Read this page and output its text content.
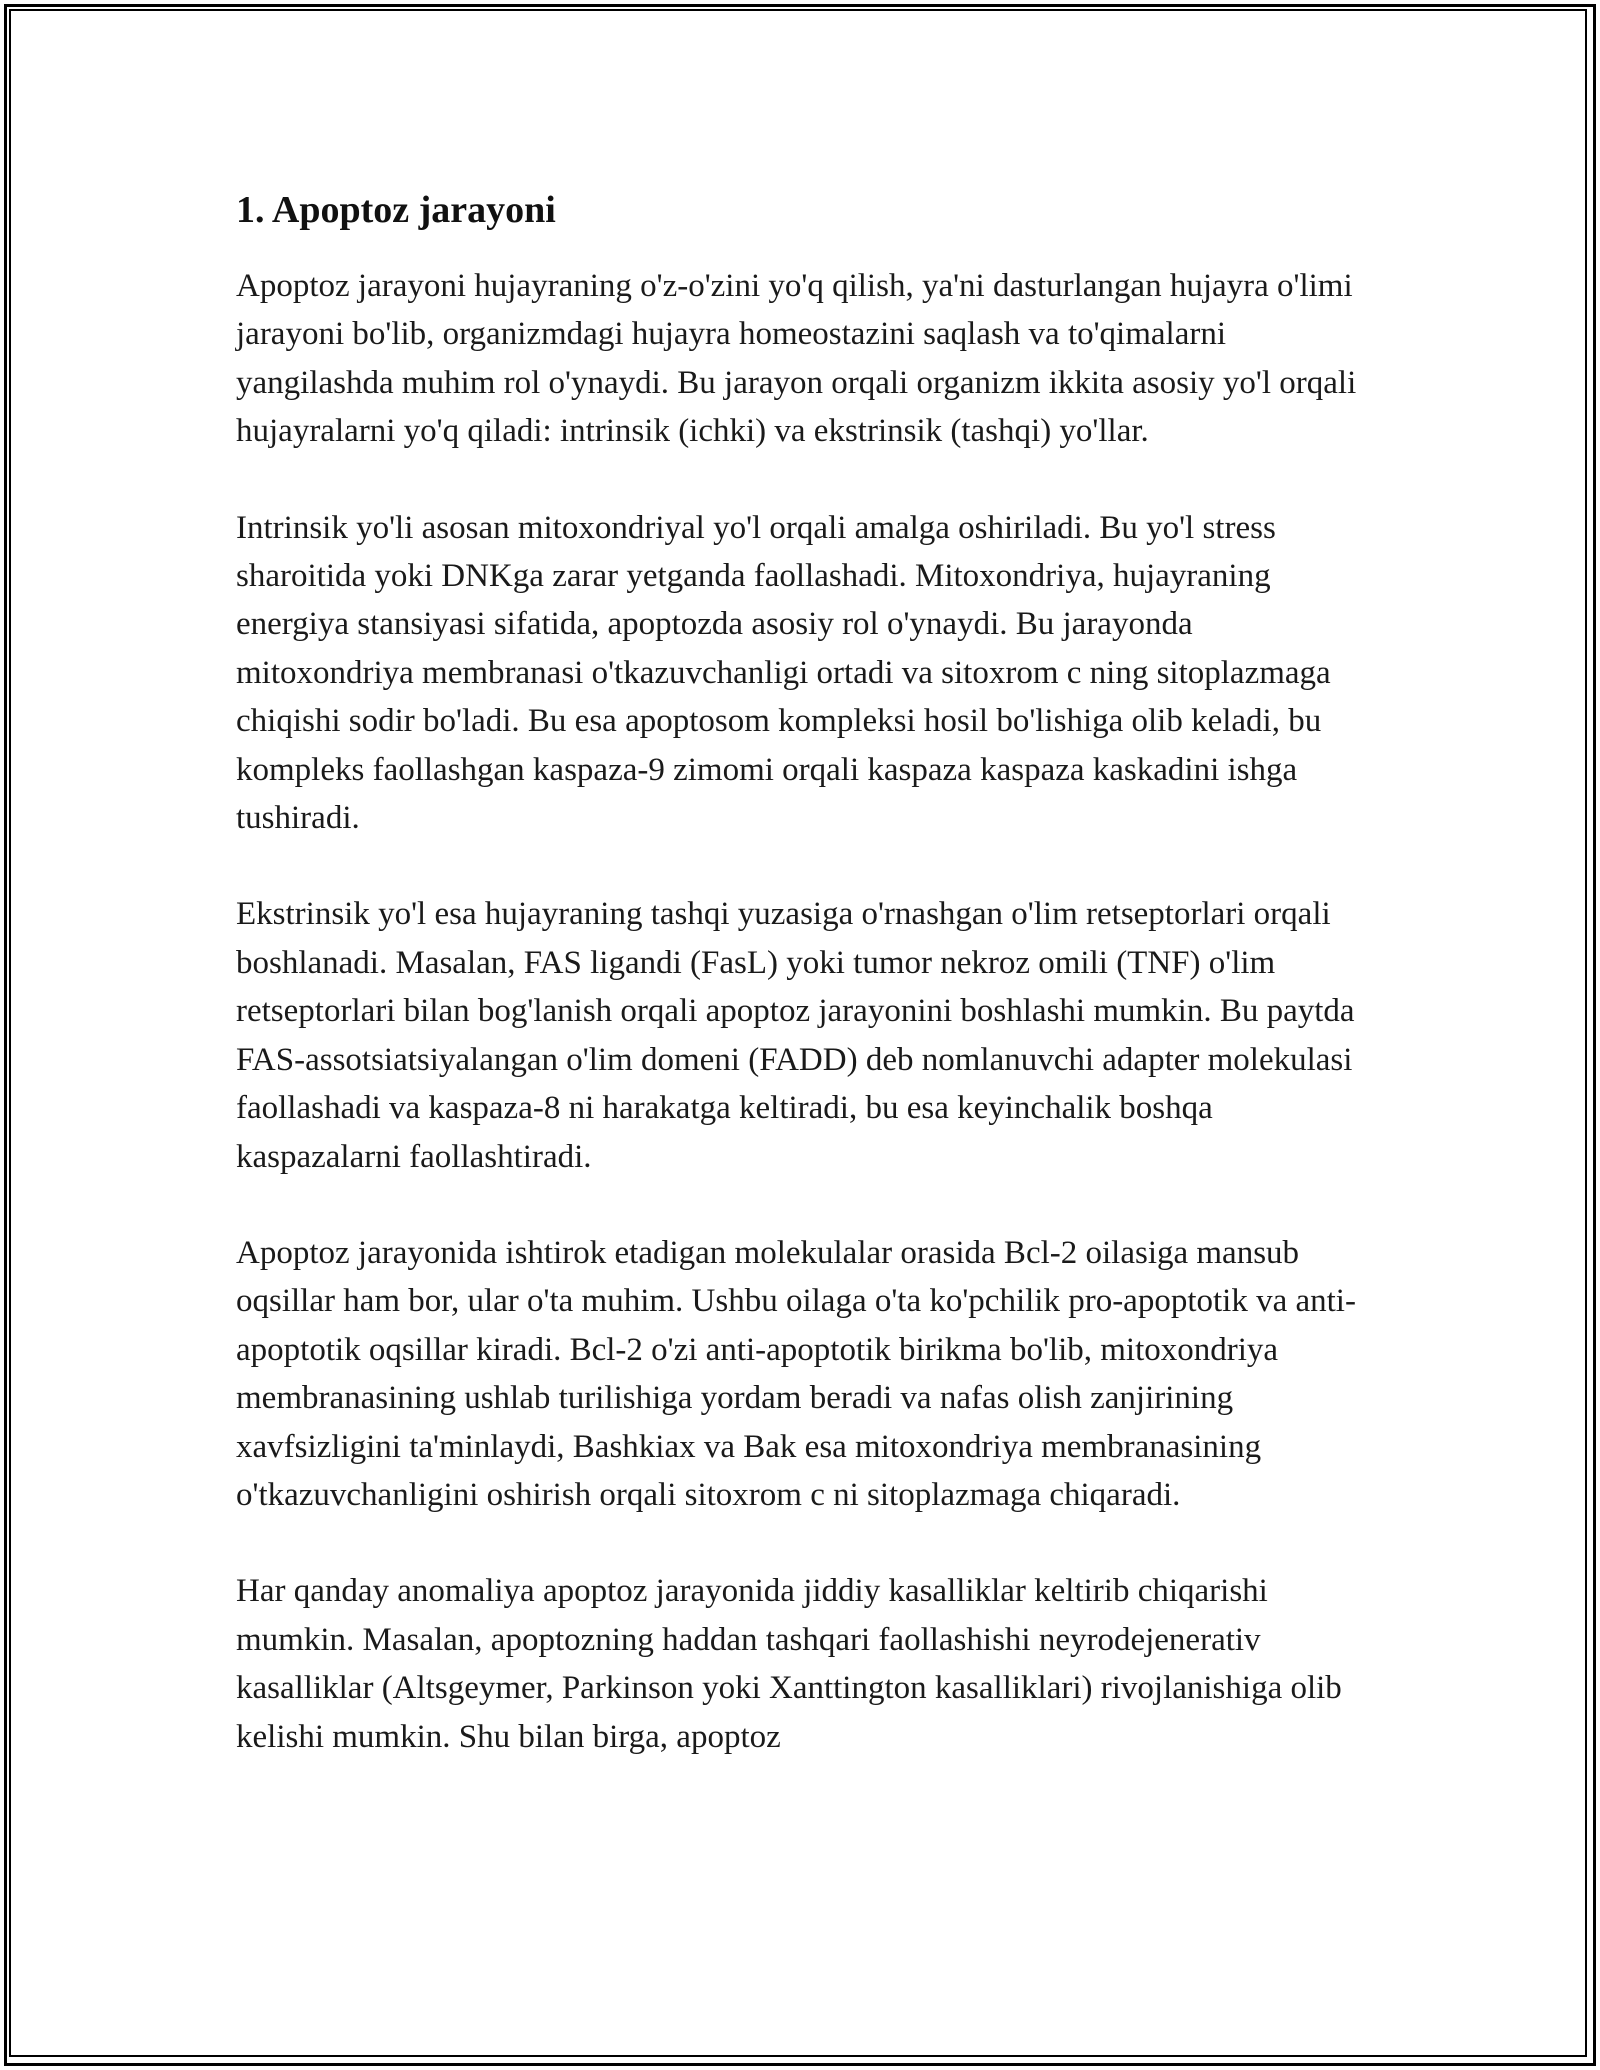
1. Apoptoz jarayoni

Apoptoz jarayoni hujayraning o'z-o'zini yo'q qilish, ya'ni dasturlangan hujayra o'limi jarayoni bo'lib, organizmdagi hujayra homeostazini saqlash va to'qimalarni yangilashda muhim rol o'ynaydi. Bu jarayon orqali organizm ikkita asosiy yo'l orqali hujayralarni yo'q qiladi: intrinsik (ichki) va ekstrinsik (tashqi) yo'llar.

Intrinsik yo'li asosan mitoxondriyal yo'l orqali amalga oshiriladi. Bu yo'l stress sharoitida yoki DNKga zarar yetganda faollashadi. Mitoxondriya, hujayraning energiya stansiyasi sifatida, apoptozda asosiy rol o'ynaydi. Bu jarayonda mitoxondriya membranasi o'tkazuvchanligi ortadi va sitoxrom c ning sitoplazmaga chiqishi sodir bo'ladi. Bu esa apoptosom kompleksi hosil bo'lishiga olib keladi, bu kompleks faollashgan kaspaza-9 zimomi orqali kaspaza kaspaza kaskadini ishga tushiradi.

Ekstrinsik yo'l esa hujayraning tashqi yuzasiga o'rnashgan o'lim retseptorlari orqali boshlanadi. Masalan, FAS ligandi (FasL) yoki tumor nekroz omili (TNF) o'lim retseptorlari bilan bog'lanish orqali apoptoz jarayonini boshlashi mumkin. Bu paytda FAS-assotsiatsiyalangan o'lim domeni (FADD) deb nomlanuvchi adapter molekulasi faollashadi va kaspaza-8 ni harakatga keltiradi, bu esa keyinchalik boshqa kaspazalarni faollashtiradi.

Apoptoz jarayonida ishtirok etadigan molekulalar orasida Bcl-2 oilasiga mansub oqsillar ham bor, ular o'ta muhim. Ushbu oilaga o'ta ko'pchilik pro-apoptotik va anti-apoptotik oqsillar kiradi. Bcl-2 o'zi anti-apoptotik birikma bo'lib, mitoxondriya membranasining ushlab turilishiga yordam beradi va nafas olish zanjirining xavfsizligini ta'minlaydi, Bashkiax va Bak esa mitoxondriya membranasining o'tkazuvchanligini oshirish orqali sitoxrom c ni sitoplazmaga chiqaradi.

Har qanday anomaliya apoptoz jarayonida jiddiy kasalliklar keltirib chiqarishi mumkin. Masalan, apoptozning haddan tashqari faollashishi neyrodejenerativ kasalliklar (Altsgeymer, Parkinson yoki Xanttington kasalliklari) rivojlanishiga olib kelishi mumkin. Shu bilan birga, apoptoz
